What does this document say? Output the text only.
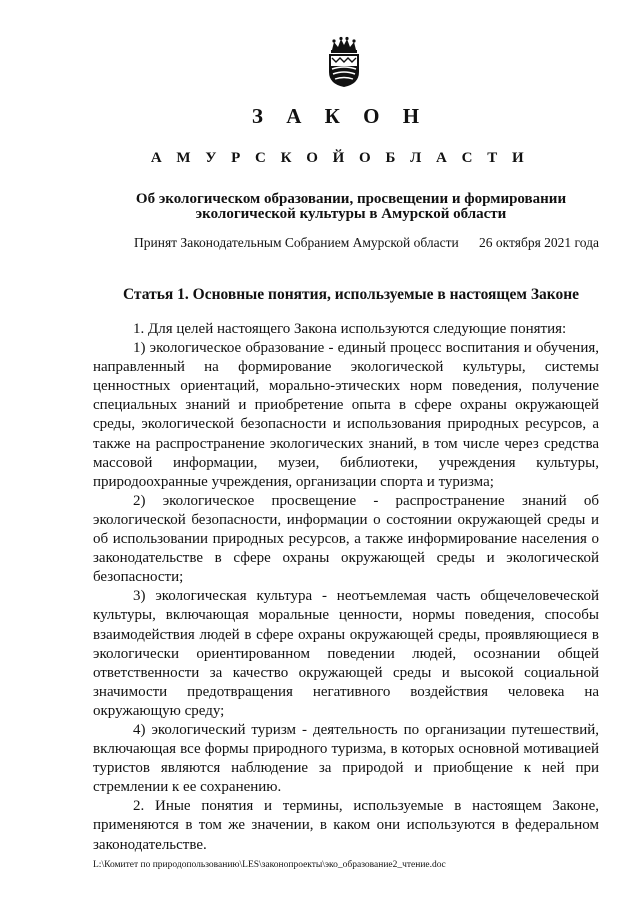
З А К О Н
А М У Р С К О Й О Б Л А С Т И
Об экологическом образовании, просвещении и формировании
экологической культуры в Амурской области
Принят Законодательным Собранием Амурской области 26 октября 2021 года
Статья 1. Основные понятия, используемые в настоящем Законе

1. Для целей настоящего Закона используются следующие понятия:

1) экологическое образование - единый процесс воспитания и обучения, направленный на формирование экологической культуры, системы ценностных ориентаций, морально-этических норм поведения, получение специальных знаний и приобретение опыта в сфере охраны окружающей среды, экологической безопасности и использования природных ресурсов, а также на распространение экологических знаний, в том числе через средства массовой информации, музеи, библиотеки, учреждения культуры, природоохранные учреждения, организации спорта и туризма;

2) экологическое просвещение - распространение знаний об экологической безопасности, информации о состоянии окружающей среды и об использовании природных ресурсов, а также информирование населения о законодательстве в сфере охраны окружающей среды и экологической безопасности;

3) экологическая культура - неотъемлемая часть общечеловеческой культуры, включающая моральные ценности, нормы поведения, способы взаимодействия людей в сфере охраны окружающей среды, проявляющиеся в экологически ориентированном поведении людей, осознании общей ответственности за качество окружающей среды и высокой социальной значимости предотвращения негативного воздействия человека на окружающую среду;

4) экологический туризм - деятельность по организации путешествий, включающая все формы природного туризма, в которых основной мотивацией туристов являются наблюдение за природой и приобщение к ней при стремлении к ее сохранению.

2. Иные понятия и термины, используемые в настоящем Законе, применяются в том же значении, в каком они используются в федеральном законодательстве.

L:\Комитет по природопользованию\LES\законопроекты\эко_образование2_чтение.doc
